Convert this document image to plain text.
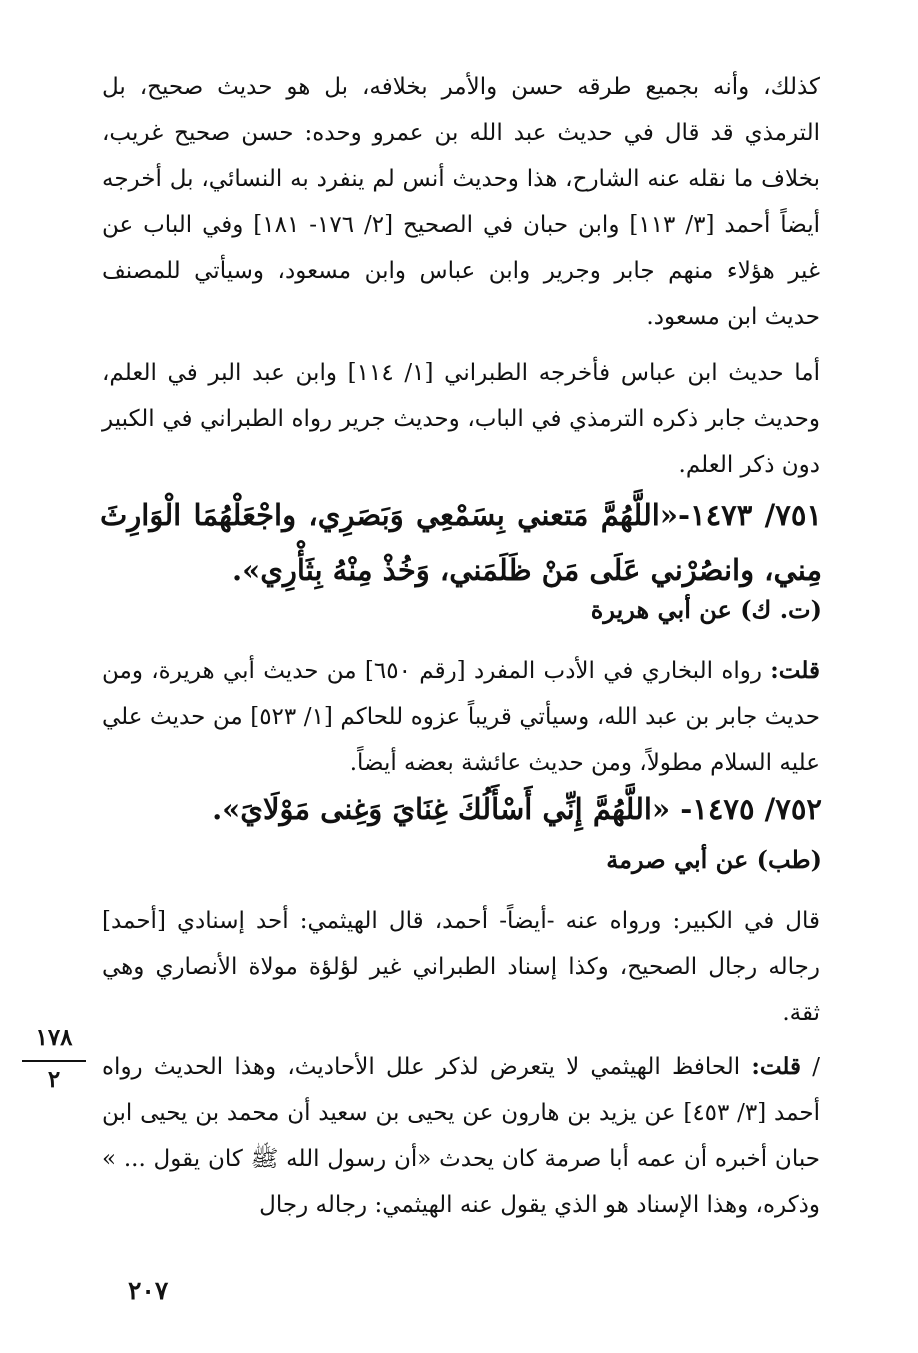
كذلك، وأنه بجميع طرقه حسن والأمر بخلافه، بل هو حديث صحيح، بل الترمذي قد قال في حديث عبد الله بن عمرو وحده: حسن صحيح غريب، بخلاف ما نقله عنه الشارح، هذا وحديث أنس لم ينفرد به النسائي، بل أخرجه أيضاً أحمد [٣/ ١١٣] وابن حبان في الصحيح [٢/ ١٧٦- ١٨١] وفي الباب عن غير هؤلاء منهم جابر وجرير وابن عباس وابن مسعود، وسيأتي للمصنف حديث ابن مسعود.

أما حديث ابن عباس فأخرجه الطبراني [١/ ١١٤] وابن عبد البر في العلم، وحديث جابر ذكره الترمذي في الباب، وحديث جرير رواه الطبراني في الكبير دون ذكر العلم.

٧٥١/ ١٤٧٣-«اللَّهُمَّ مَتعني بِسَمْعِي وَبَصَرِي، واجْعَلْهُمَا الْوَارِثَ مِني، وانصُرْني عَلَى مَنْ ظَلَمَني، وَخُذْ مِنْهُ بِثَأْرِي».

(ت. ك) عن أبي هريرة

قلت: رواه البخاري في الأدب المفرد [رقم ٦٥٠] من حديث أبي هريرة، ومن حديث جابر بن عبد الله، وسيأتي قريباً عزوه للحاكم [١/ ٥٢٣] من حديث علي عليه السلام مطولاً، ومن حديث عائشة بعضه أيضاً.

٧٥٢/ ١٤٧٥- «اللَّهُمَّ إِنِّي أَسْأَلُكَ غِنَايَ وَغِنى مَوْلَايَ».

(طب) عن أبي صرمة

قال في الكبير: ورواه عنه -أيضاً- أحمد، قال الهيثمي: أحد إسنادي [أحمد] رجاله رجال الصحيح، وكذا إسناد الطبراني غير لؤلؤة مولاة الأنصاري وهي ثقة.

/ قلت: الحافظ الهيثمي لا يتعرض لذكر علل الأحاديث، وهذا الحديث رواه أحمد [٣/ ٤٥٣] عن يزيد بن هارون عن يحيى بن سعيد أن محمد بن يحيى ابن حبان أخبره أن عمه أبا صرمة كان يحدث «أن رسول الله ﷺ كان يقول ... » وذكره، وهذا الإسناد هو الذي يقول عنه الهيثمي: رجاله رجال

١٧٨
٢
٢٠٧
